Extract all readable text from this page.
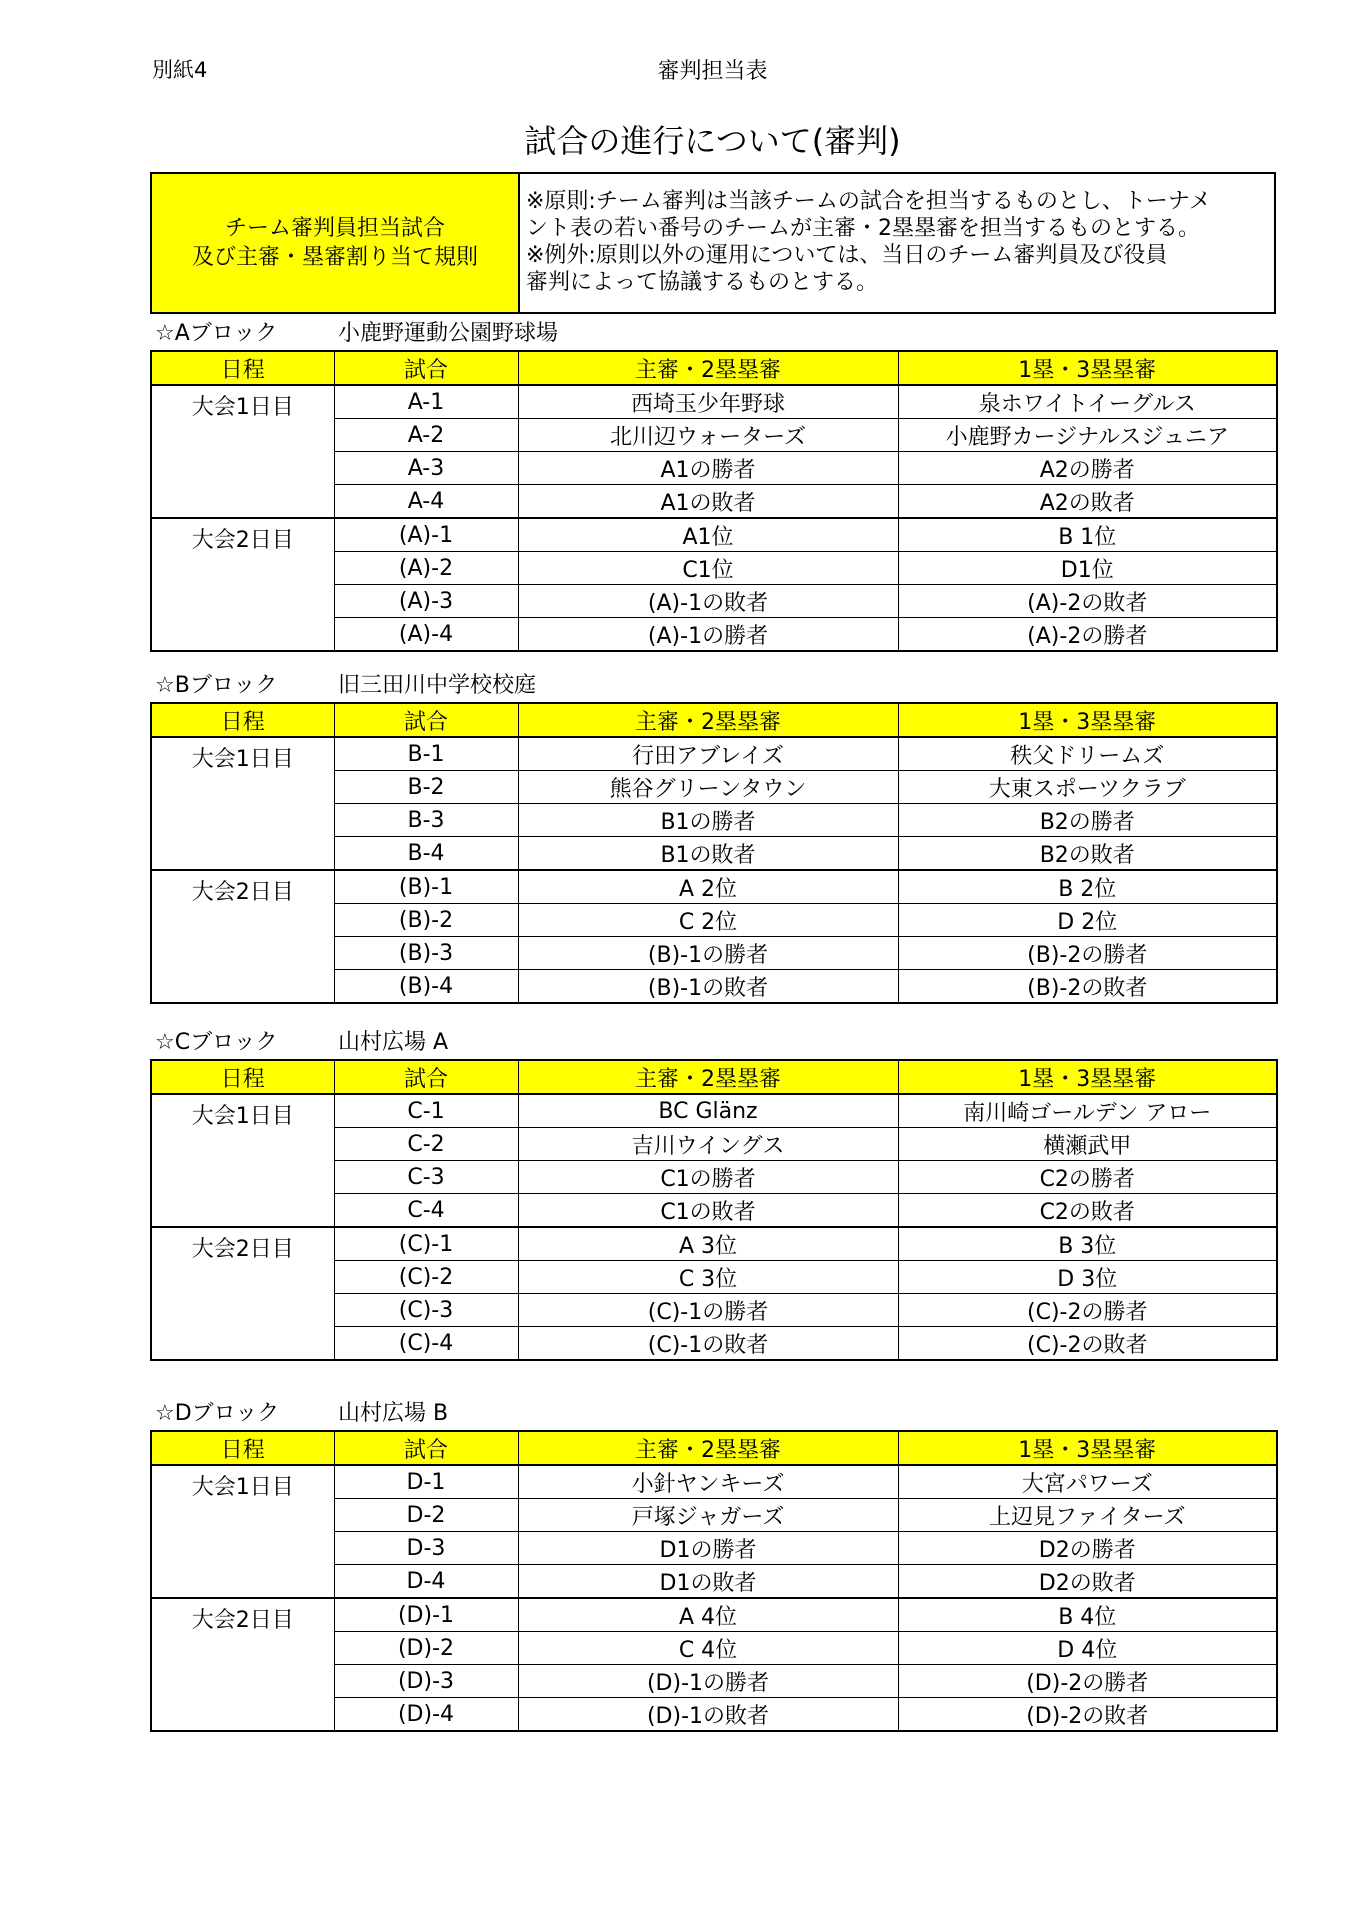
別紙4	審判担当表
試合の進行について(審判)
チーム審判員担当試合
及び主審・塁審割り当て規則
※原則:チーム審判は当該チームの試合を担当するものとし、トーナメ
ント表の若い番号のチームが主審・2塁塁審を担当するものとする。
※例外:原則以外の運用については、当日のチーム審判員及び役員
審判によって協議するものとする。
☆Aブロック	小鹿野運動公園野球場
日程	試合	主審・2塁塁審	1塁・3塁塁審
大会1日目	A-1	西埼玉少年野球	泉ホワイトイーグルス
	A-2	北川辺ウォーターズ	小鹿野カージナルスジュニア
	A-3	A1の勝者	A2の勝者
	A-4	A1の敗者	A2の敗者
大会2日目	(A)-1	A1位	B 1位
	(A)-2	C1位	D1位
	(A)-3	(A)-1の敗者	(A)-2の敗者
	(A)-4	(A)-1の勝者	(A)-2の勝者
☆Bブロック	旧三田川中学校校庭
日程	試合	主審・2塁塁審	1塁・3塁塁審
大会1日目	B-1	行田アブレイズ	秩父ドリームズ
	B-2	熊谷グリーンタウン	大東スポーツクラブ
	B-3	B1の勝者	B2の勝者
	B-4	B1の敗者	B2の敗者
大会2日目	(B)-1	A 2位	B 2位
	(B)-2	C 2位	D 2位
	(B)-3	(B)-1の勝者	(B)-2の勝者
	(B)-4	(B)-1の敗者	(B)-2の敗者
☆Cブロック	山村広場 A
日程	試合	主審・2塁塁審	1塁・3塁塁審
大会1日目	C-1	BC Glänz	南川崎ゴールデン アロー
	C-2	吉川ウイングス	横瀬武甲
	C-3	C1の勝者	C2の勝者
	C-4	C1の敗者	C2の敗者
大会2日目	(C)-1	A 3位	B 3位
	(C)-2	C 3位	D 3位
	(C)-3	(C)-1の勝者	(C)-2の勝者
	(C)-4	(C)-1の敗者	(C)-2の敗者
☆Dブロック	山村広場 B
日程	試合	主審・2塁塁審	1塁・3塁塁審
大会1日目	D-1	小針ヤンキーズ	大宮パワーズ
	D-2	戸塚ジャガーズ	上辺見ファイターズ
	D-3	D1の勝者	D2の勝者
	D-4	D1の敗者	D2の敗者
大会2日目	(D)-1	A 4位	B 4位
	(D)-2	C 4位	D 4位
	(D)-3	(D)-1の勝者	(D)-2の勝者
	(D)-4	(D)-1の敗者	(D)-2の敗者
